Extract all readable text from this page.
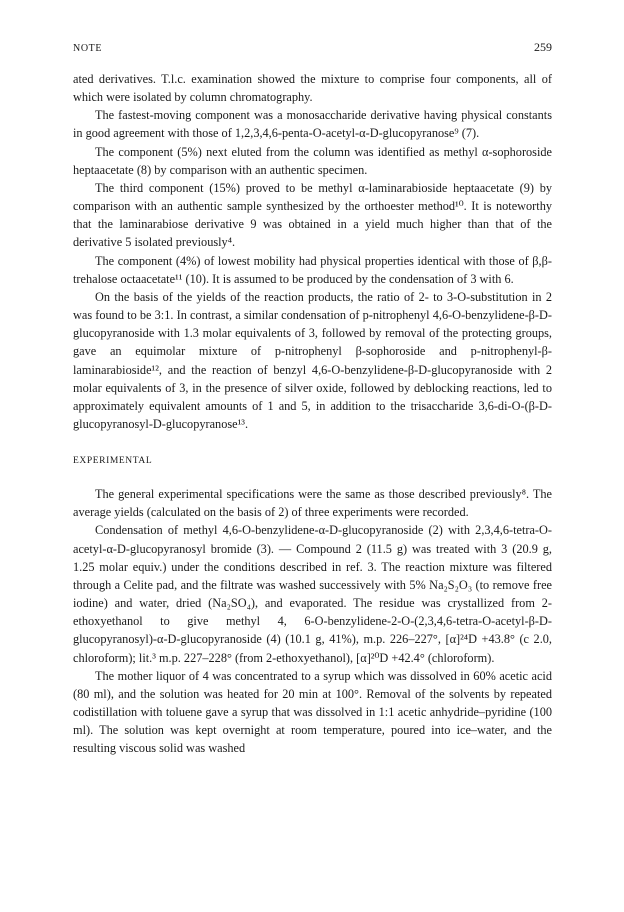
NOTE	259

ated derivatives. T.l.c. examination showed the mixture to comprise four components, all of which were isolated by column chromatography.

The fastest-moving component was a monosaccharide derivative having physical constants in good agreement with those of 1,2,3,4,6-penta-O-acetyl-α-D-glucopyranose⁹ (7).

The component (5%) next eluted from the column was identified as methyl α-sophoroside heptaacetate (8) by comparison with an authentic specimen.

The third component (15%) proved to be methyl α-laminarabioside heptaacetate (9) by comparison with an authentic sample synthesized by the orthoester method¹⁰. It is noteworthy that the laminarabiose derivative 9 was obtained in a yield much higher than that of the derivative 5 isolated previously⁴.

The component (4%) of lowest mobility had physical properties identical with those of β,β-trehalose octaacetate¹¹ (10). It is assumed to be produced by the condensation of 3 with 6.

On the basis of the yields of the reaction products, the ratio of 2- to 3-O-substitution in 2 was found to be 3:1. In contrast, a similar condensation of p-nitrophenyl 4,6-O-benzylidene-β-D-glucopyranoside with 1.3 molar equivalents of 3, followed by removal of the protecting groups, gave an equimolar mixture of p-nitrophenyl β-sophoroside and p-nitrophenyl-β-laminarabioside¹², and the reaction of benzyl 4,6-O-benzylidene-β-D-glucopyranoside with 2 molar equivalents of 3, in the presence of silver oxide, followed by deblocking reactions, led to approximately equivalent amounts of 1 and 5, in addition to the trisaccharide 3,6-di-O-(β-D-glucopyranosyl-D-glucopyranose¹³.

EXPERIMENTAL

The general experimental specifications were the same as those described previously⁸. The average yields (calculated on the basis of 2) of three experiments were recorded.

Condensation of methyl 4,6-O-benzylidene-α-D-glucopyranoside (2) with 2,3,4,6-tetra-O-acetyl-α-D-glucopyranosyl bromide (3). — Compound 2 (11.5 g) was treated with 3 (20.9 g, 1.25 molar equiv.) under the conditions described in ref. 3. The reaction mixture was filtered through a Celite pad, and the filtrate was washed successively with 5% Na₂S₂O₃ (to remove free iodine) and water, dried (Na₂SO₄), and evaporated. The residue was crystallized from 2-ethoxyethanol to give methyl 4, 6-O-benzylidene-2-O-(2,3,4,6-tetra-O-acetyl-β-D-glucopyranosyl)-α-D-glucopyranoside (4) (10.1 g, 41%), m.p. 226–227°, [α]²⁴D +43.8° (c 2.0, chloroform); lit.³ m.p. 227–228° (from 2-ethoxyethanol), [α]²⁰D +42.4° (chloroform).

The mother liquor of 4 was concentrated to a syrup which was dissolved in 60% acetic acid (80 ml), and the solution was heated for 20 min at 100°. Removal of the solvents by repeated codistillation with toluene gave a syrup that was dissolved in 1:1 acetic anhydride–pyridine (100 ml). The solution was kept overnight at room temperature, poured into ice–water, and the resulting viscous solid was washed
